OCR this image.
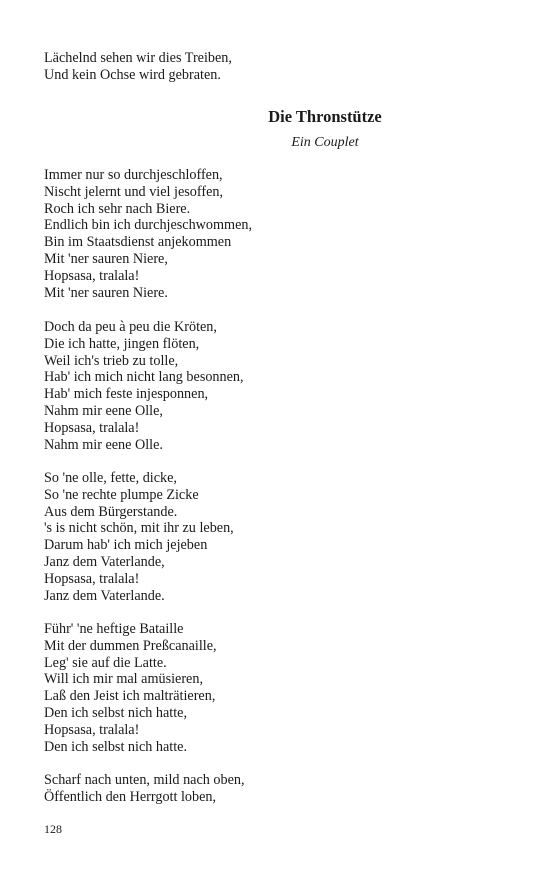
Lächelnd sehen wir dies Treiben,
Und kein Ochse wird gebraten.
Die Thronstütze
Ein Couplet
Immer nur so durchjeschloffen,
Nischt jelernt und viel jesoffen,
Roch ich sehr nach Biere.
Endlich bin ich durchjeschwommen,
Bin im Staatsdienst anjekommen
Mit 'ner sauren Niere,
Hopsasa, tralala!
Mit 'ner sauren Niere.
Doch da peu à peu die Kröten,
Die ich hatte, jingen flöten,
Weil ich's trieb zu tolle,
Hab' ich mich nicht lang besonnen,
Hab' mich feste injesponnen,
Nahm mir eene Olle,
Hopsasa, tralala!
Nahm mir eene Olle.
So 'ne olle, fette, dicke,
So 'ne rechte plumpe Zicke
Aus dem Bürgerstande.
's is nicht schön, mit ihr zu leben,
Darum hab' ich mich jejeben
Janz dem Vaterlande,
Hopsasa, tralala!
Janz dem Vaterlande.
Führ' 'ne heftige Bataille
Mit der dummen Preßcanaille,
Leg' sie auf die Latte.
Will ich mir mal amüsieren,
Laß den Jeist ich malträtieren,
Den ich selbst nich hatte,
Hopsasa, tralala!
Den ich selbst nich hatte.
Scharf nach unten, mild nach oben,
Öffentlich den Herrgott loben,
128
